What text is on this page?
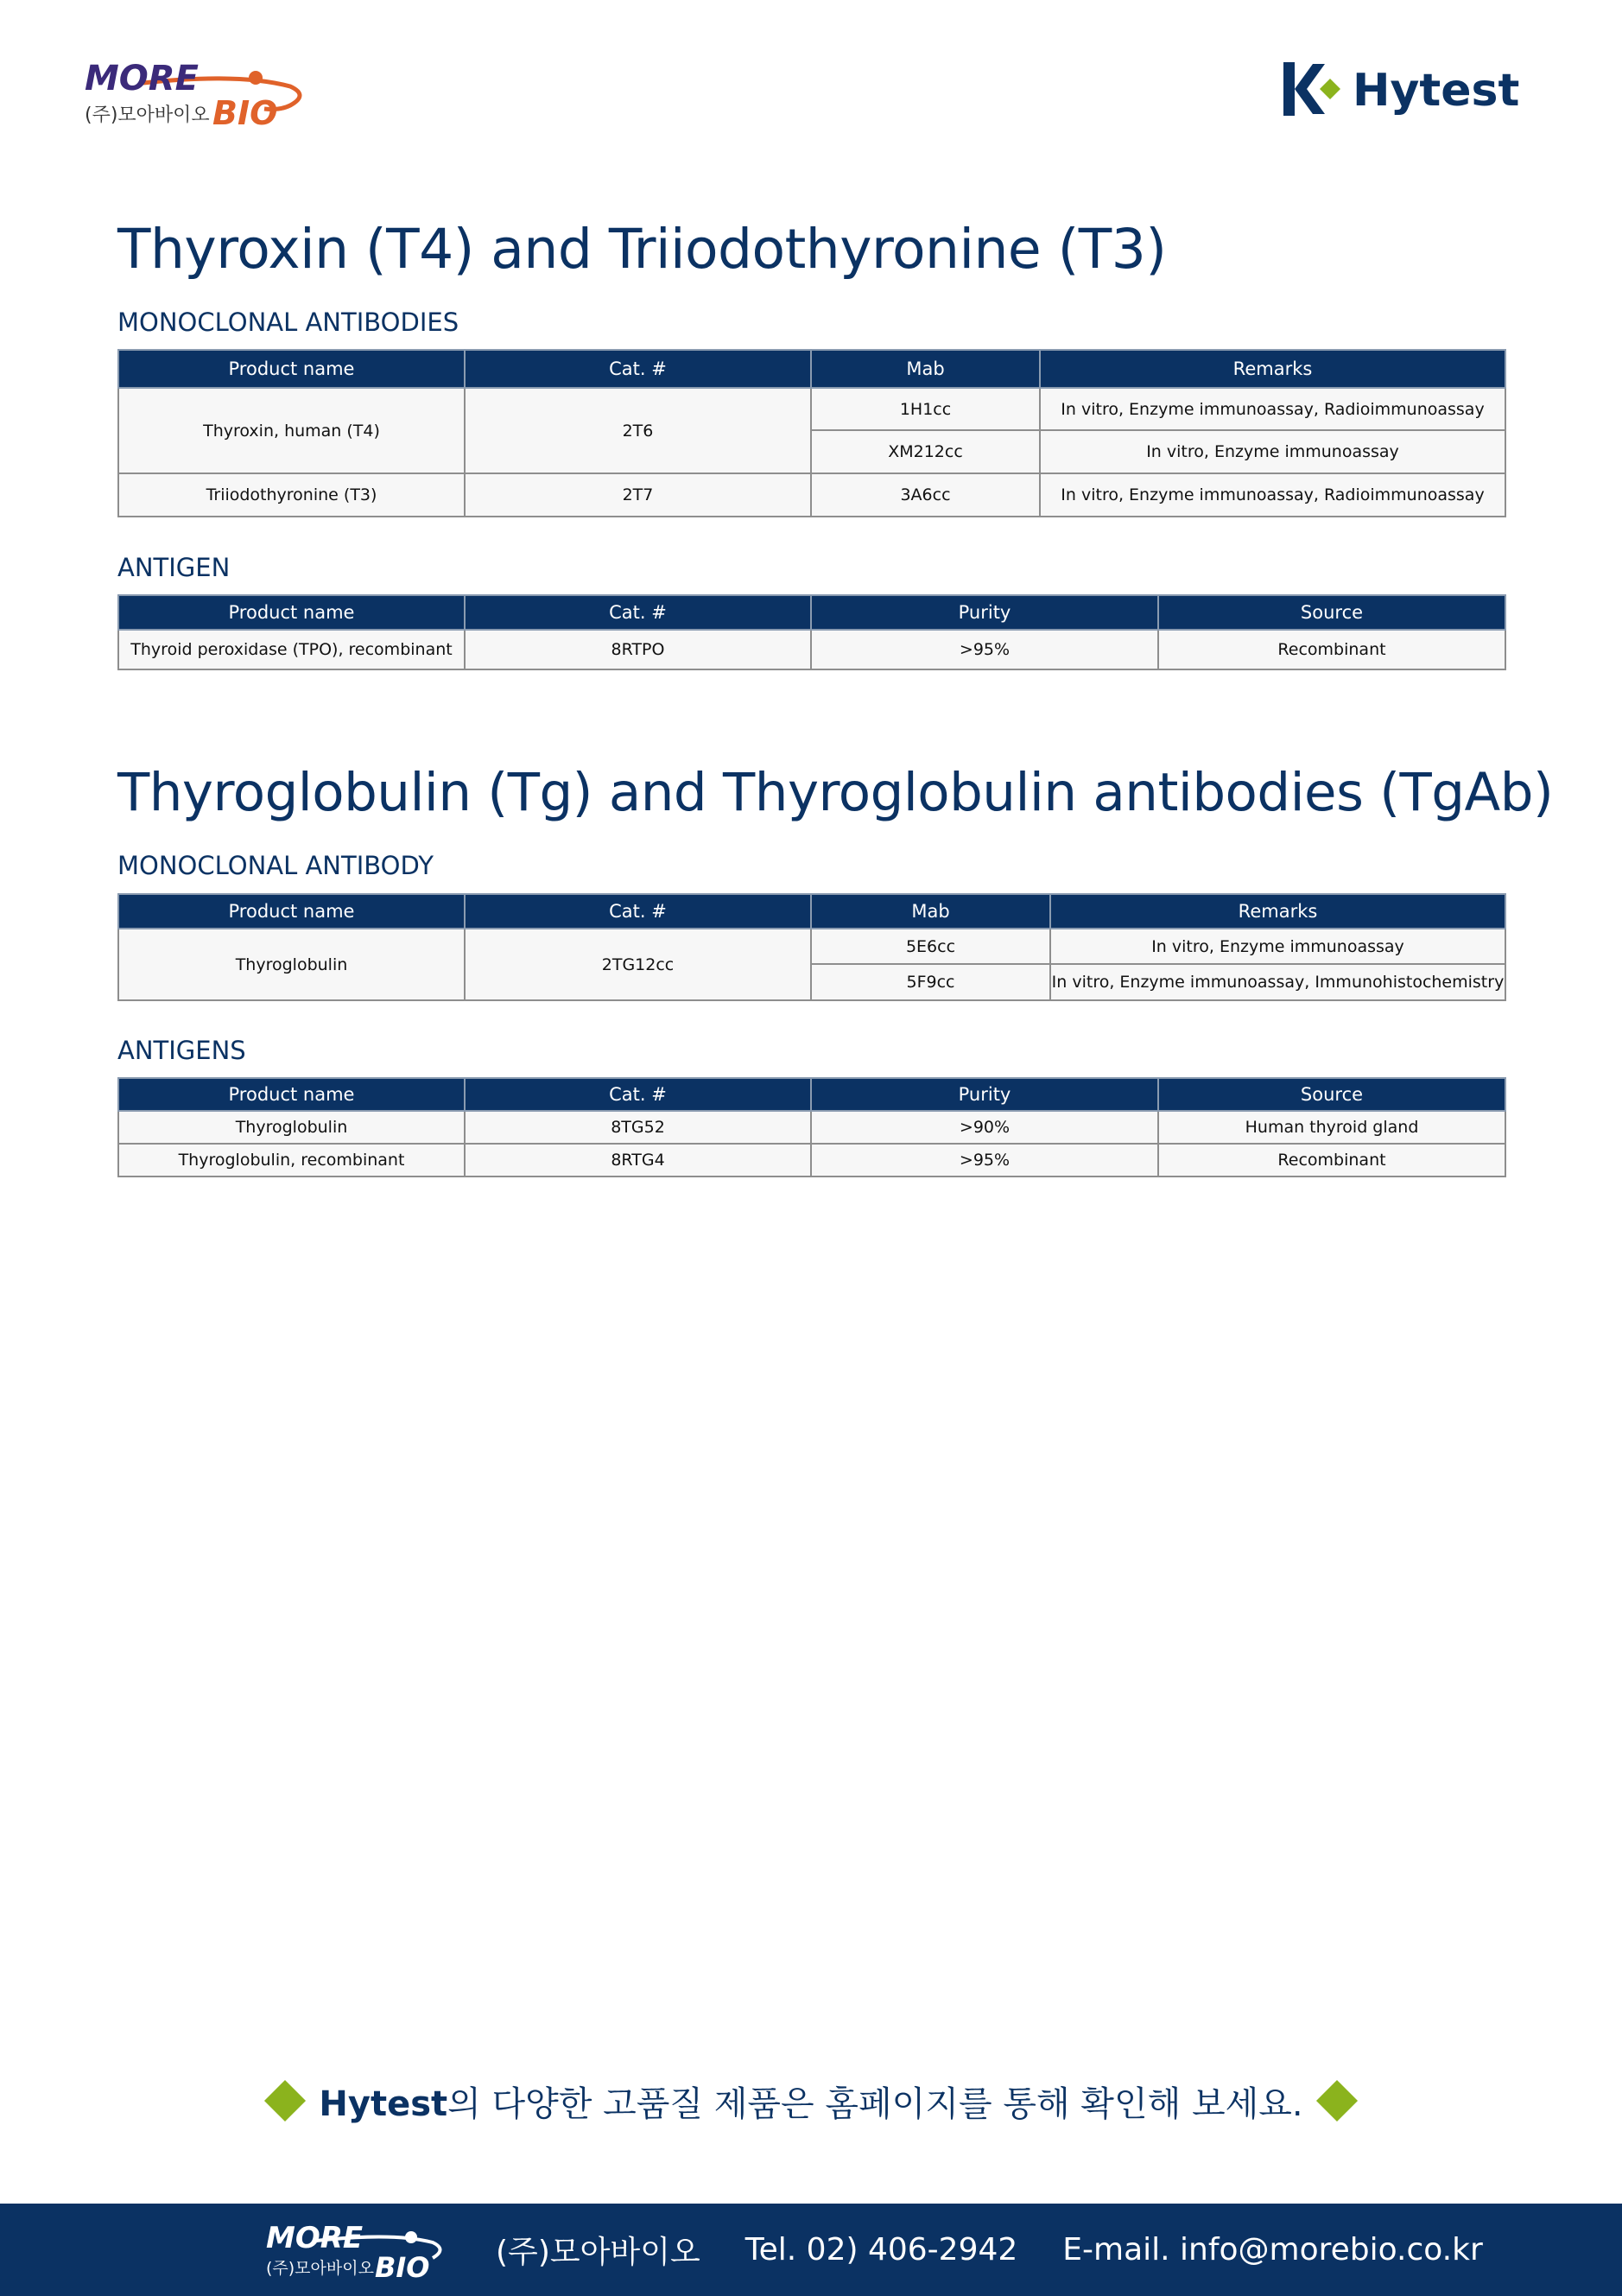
MORE
BIO
(주)모아바이오	Hytest
Thyroxin (T4) and Triiodothyronine (T3)
MONOCLONAL ANTIBODIES
Product name	Cat. #	Mab	Remarks
Thyroxin, human (T4)	2T6	1H1cc	In vitro, Enzyme immunoassay, Radioimmunoassay
		XM212cc	In vitro, Enzyme immunoassay
Triiodothyronine (T3)	2T7	3A6cc	In vitro, Enzyme immunoassay, Radioimmunoassay
ANTIGEN
Product name	Cat. #	Purity	Source
Thyroid peroxidase (TPO), recombinant	8RTPO	>95%	Recombinant
Thyroglobulin (Tg) and Thyroglobulin antibodies (TgAb)
MONOCLONAL ANTIBODY
Product name	Cat. #	Mab	Remarks
Thyroglobulin	2TG12cc	5E6cc	In vitro, Enzyme immunoassay
		5F9cc	In vitro, Enzyme immunoassay, Immunohistochemistry
ANTIGENS
Product name	Cat. #	Purity	Source
Thyroglobulin	8TG52	>90%	Human thyroid gland
Thyroglobulin, recombinant	8RTG4	>95%	Recombinant
Hytest의 다양한 고품질 제품은 홈페이지를 통해 확인해 보세요.
MORE
BIO
(주)모아바이오	(주)모아바이오 Tel. 02) 406-2942 E-mail. info@morebio.co.kr
